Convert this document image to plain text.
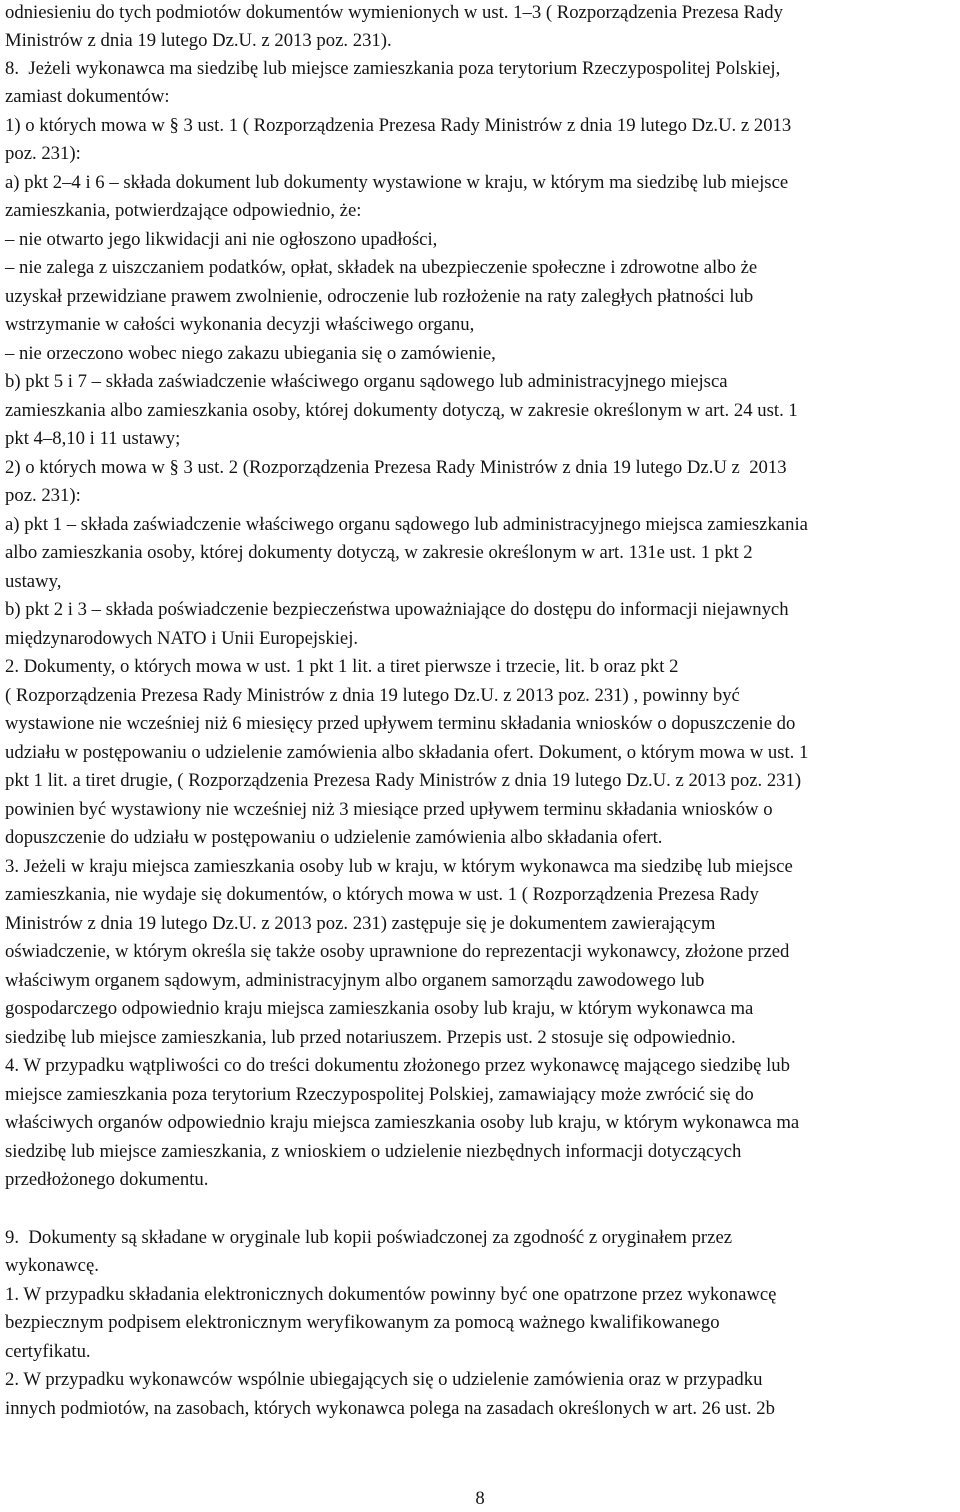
odniesieniu do tych podmiotów dokumentów wymienionych w ust. 1–3 ( Rozporządzenia Prezesa Rady
Ministrów z dnia 19 lutego Dz.U. z 2013 poz. 231).
8.  Jeżeli wykonawca ma siedzibę lub miejsce zamieszkania poza terytorium Rzeczypospolitej Polskiej,
zamiast dokumentów:
1) o których mowa w § 3 ust. 1 ( Rozporządzenia Prezesa Rady Ministrów z dnia 19 lutego Dz.U. z 2013
poz. 231):
a) pkt 2–4 i 6 – składa dokument lub dokumenty wystawione w kraju, w którym ma siedzibę lub miejsce
zamieszkania, potwierdzające odpowiednio, że:
– nie otwarto jego likwidacji ani nie ogłoszono upadłości,
– nie zalega z uiszczaniem podatków, opłat, składek na ubezpieczenie społeczne i zdrowotne albo że
uzyskał przewidziane prawem zwolnienie, odroczenie lub rozłożenie na raty zaległych płatności lub
wstrzymanie w całości wykonania decyzji właściwego organu,
– nie orzeczono wobec niego zakazu ubiegania się o zamówienie,
b) pkt 5 i 7 – składa zaświadczenie właściwego organu sądowego lub administracyjnego miejsca
zamieszkania albo zamieszkania osoby, której dokumenty dotyczą, w zakresie określonym w art. 24 ust. 1
pkt 4–8,10 i 11 ustawy;
2) o których mowa w § 3 ust. 2 (Rozporządzenia Prezesa Rady Ministrów z dnia 19 lutego Dz.U z  2013
poz. 231):
a) pkt 1 – składa zaświadczenie właściwego organu sądowego lub administracyjnego miejsca zamieszkania
albo zamieszkania osoby, której dokumenty dotyczą, w zakresie określonym w art. 131e ust. 1 pkt 2
ustawy,
b) pkt 2 i 3 – składa poświadczenie bezpieczeństwa upoważniające do dostępu do informacji niejawnych
międzynarodowych NATO i Unii Europejskiej.
2. Dokumenty, o których mowa w ust. 1 pkt 1 lit. a tiret pierwsze i trzecie, lit. b oraz pkt 2
( Rozporządzenia Prezesa Rady Ministrów z dnia 19 lutego Dz.U. z 2013 poz. 231) , powinny być
wystawione nie wcześniej niż 6 miesięcy przed upływem terminu składania wniosków o dopuszczenie do
udziału w postępowaniu o udzielenie zamówienia albo składania ofert. Dokument, o którym mowa w ust. 1
pkt 1 lit. a tiret drugie, ( Rozporządzenia Prezesa Rady Ministrów z dnia 19 lutego Dz.U. z 2013 poz. 231)
powinien być wystawiony nie wcześniej niż 3 miesiące przed upływem terminu składania wniosków o
dopuszczenie do udziału w postępowaniu o udzielenie zamówienia albo składania ofert.
3. Jeżeli w kraju miejsca zamieszkania osoby lub w kraju, w którym wykonawca ma siedzibę lub miejsce
zamieszkania, nie wydaje się dokumentów, o których mowa w ust. 1 ( Rozporządzenia Prezesa Rady
Ministrów z dnia 19 lutego Dz.U. z 2013 poz. 231) zastępuje się je dokumentem zawierającym
oświadczenie, w którym określa się także osoby uprawnione do reprezentacji wykonawcy, złożone przed
właściwym organem sądowym, administracyjnym albo organem samorządu zawodowego lub
gospodarczego odpowiednio kraju miejsca zamieszkania osoby lub kraju, w którym wykonawca ma
siedzibę lub miejsce zamieszkania, lub przed notariuszem. Przepis ust. 2 stosuje się odpowiednio.
4. W przypadku wątpliwości co do treści dokumentu złożonego przez wykonawcę mającego siedzibę lub
miejsce zamieszkania poza terytorium Rzeczypospolitej Polskiej, zamawiający może zwrócić się do
właściwych organów odpowiednio kraju miejsca zamieszkania osoby lub kraju, w którym wykonawca ma
siedzibę lub miejsce zamieszkania, z wnioskiem o udzielenie niezbędnych informacji dotyczących
przedłożonego dokumentu.
9.  Dokumenty są składane w oryginale lub kopii poświadczonej za zgodność z oryginałem przez
wykonawcę.
1. W przypadku składania elektronicznych dokumentów powinny być one opatrzone przez wykonawcę
bezpiecznym podpisem elektronicznym weryfikowanym za pomocą ważnego kwalifikowanego
certyfikatu.
2. W przypadku wykonawców wspólnie ubiegających się o udzielenie zamówienia oraz w przypadku
innych podmiotów, na zasobach, których wykonawca polega na zasadach określonych w art. 26 ust. 2b
8
